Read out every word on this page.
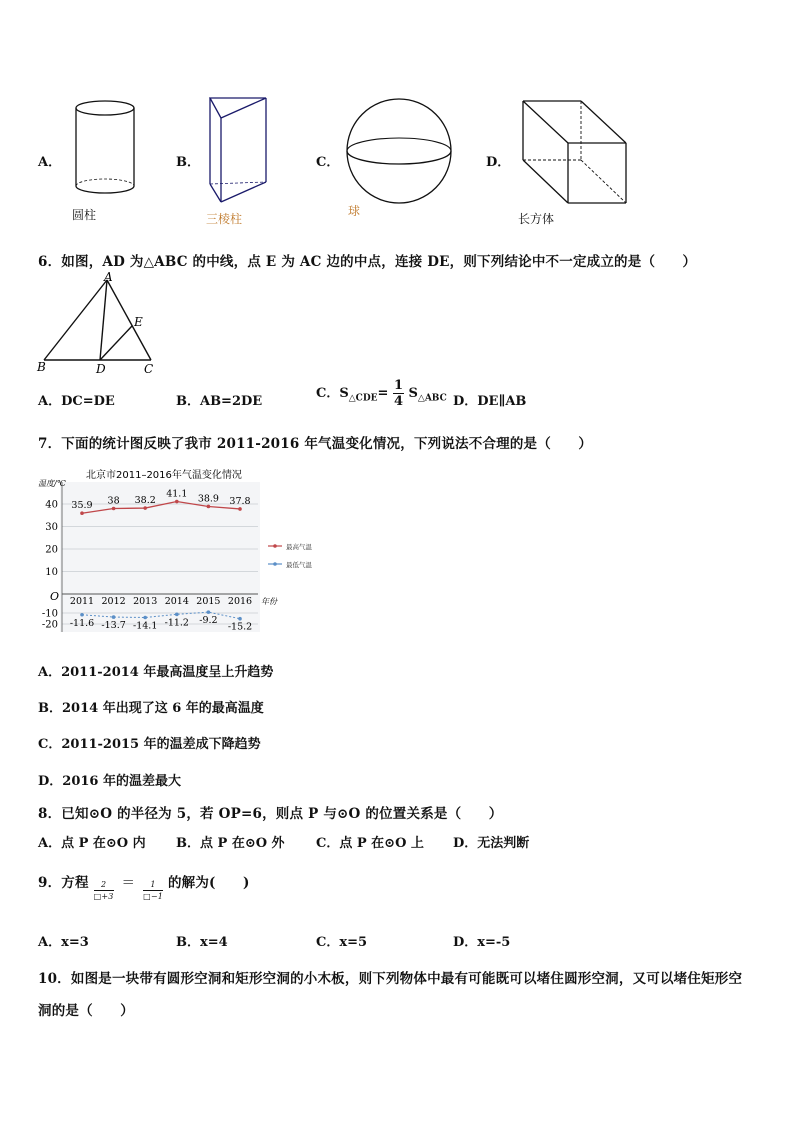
A．
圆柱
B．
三棱柱
C．
球
D．
长方体
6．如图，AD 为△ABC 的中线，点 E 为 AC 边的中点，连接 DE，则下列结论中不一定成立的是（　　）
A
B	C
D
E
A．DC=DE	B．AB=2DE
C．$S_{\triangle CDE}= \frac{1}{4} S_{\triangle ABC}$ D．DE∥AB
7．下面的统计图反映了我市 2011-2016 年气温变化情况，下列说法不合理的是（　　）
北京市2011–2016年气温变化情况
温度/℃
年份
O
40
30
20
10
-10
-20
2011 2012 2013 2014 2015 2016
35.9 38 38.2
41.1 38.9 37.8
-11.6 -13.7 -14.1 -11.2 -9.2
-15.2
最高气温
最低气温
A．2011-2014 年最高温度呈上升趋势
B．2014 年出现了这 6 年的最高温度
C．2011-2015 年的温差成下降趋势
D．2016 年的温差最大
8．已知⊙O 的半径为 5，若 OP=6，则点 P 与⊙O 的位置关系是（　　）
A．点 P 在⊙O 内 B．点 P 在⊙O 外 C．点 P 在⊙O 上 D．无法判断
9．方程 $\frac{2}{□+3} = \frac{1}{□-1}$ 的解为(　　)
A．x=3	B．x=4	C．x=5	D．x=-5
10．如图是一块带有圆形空洞和矩形空洞的小木板，则下列物体中最有可能既可以堵住圆形空洞，又可以堵住矩形空
洞的是（　　）
